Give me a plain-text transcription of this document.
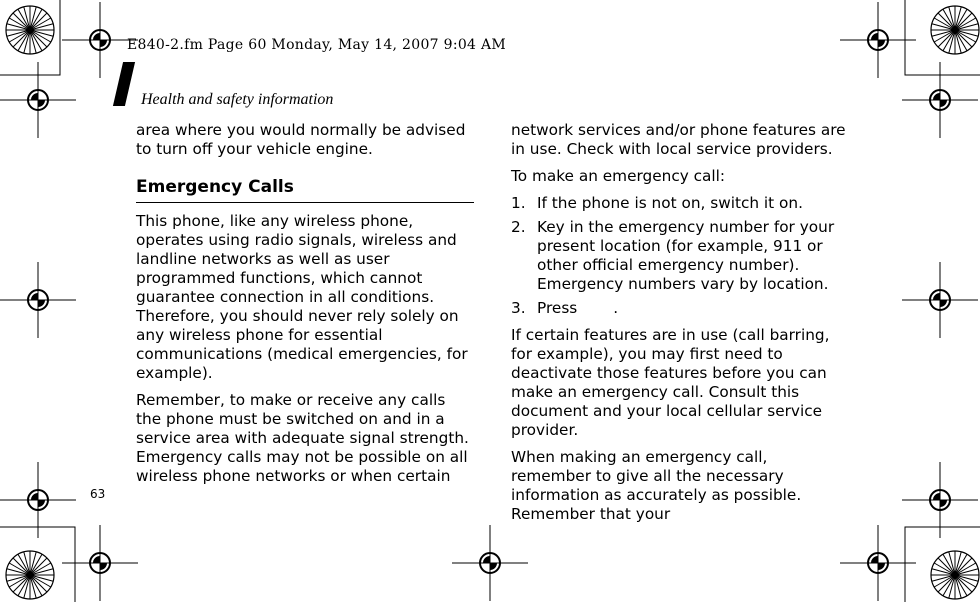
E840-2.fm Page 60 Monday, May 14, 2007 9:04 AM
Health and safety information

area where you would normally be advised to turn off your vehicle engine.

Emergency Calls

This phone, like any wireless phone, operates using radio signals, wireless and landline networks as well as user programmed functions, which cannot guarantee connection in all conditions. Therefore, you should never rely solely on any wireless phone for essential communications (medical emergencies, for example).

Remember, to make or receive any calls the phone must be switched on and in a service area with adequate signal strength. Emergency calls may not be possible on all wireless phone networks or when certain

network services and/or phone features are in use. Check with local service providers.

To make an emergency call:

1. If the phone is not on, switch it on.
2. Key in the emergency number for your present location (for example, 911 or other official emergency number). Emergency numbers vary by location.
3. Press .

If certain features are in use (call barring, for example), you may first need to deactivate those features before you can make an emergency call. Consult this document and your local cellular service provider.

When making an emergency call, remember to give all the necessary information as accurately as possible. Remember that your

63
